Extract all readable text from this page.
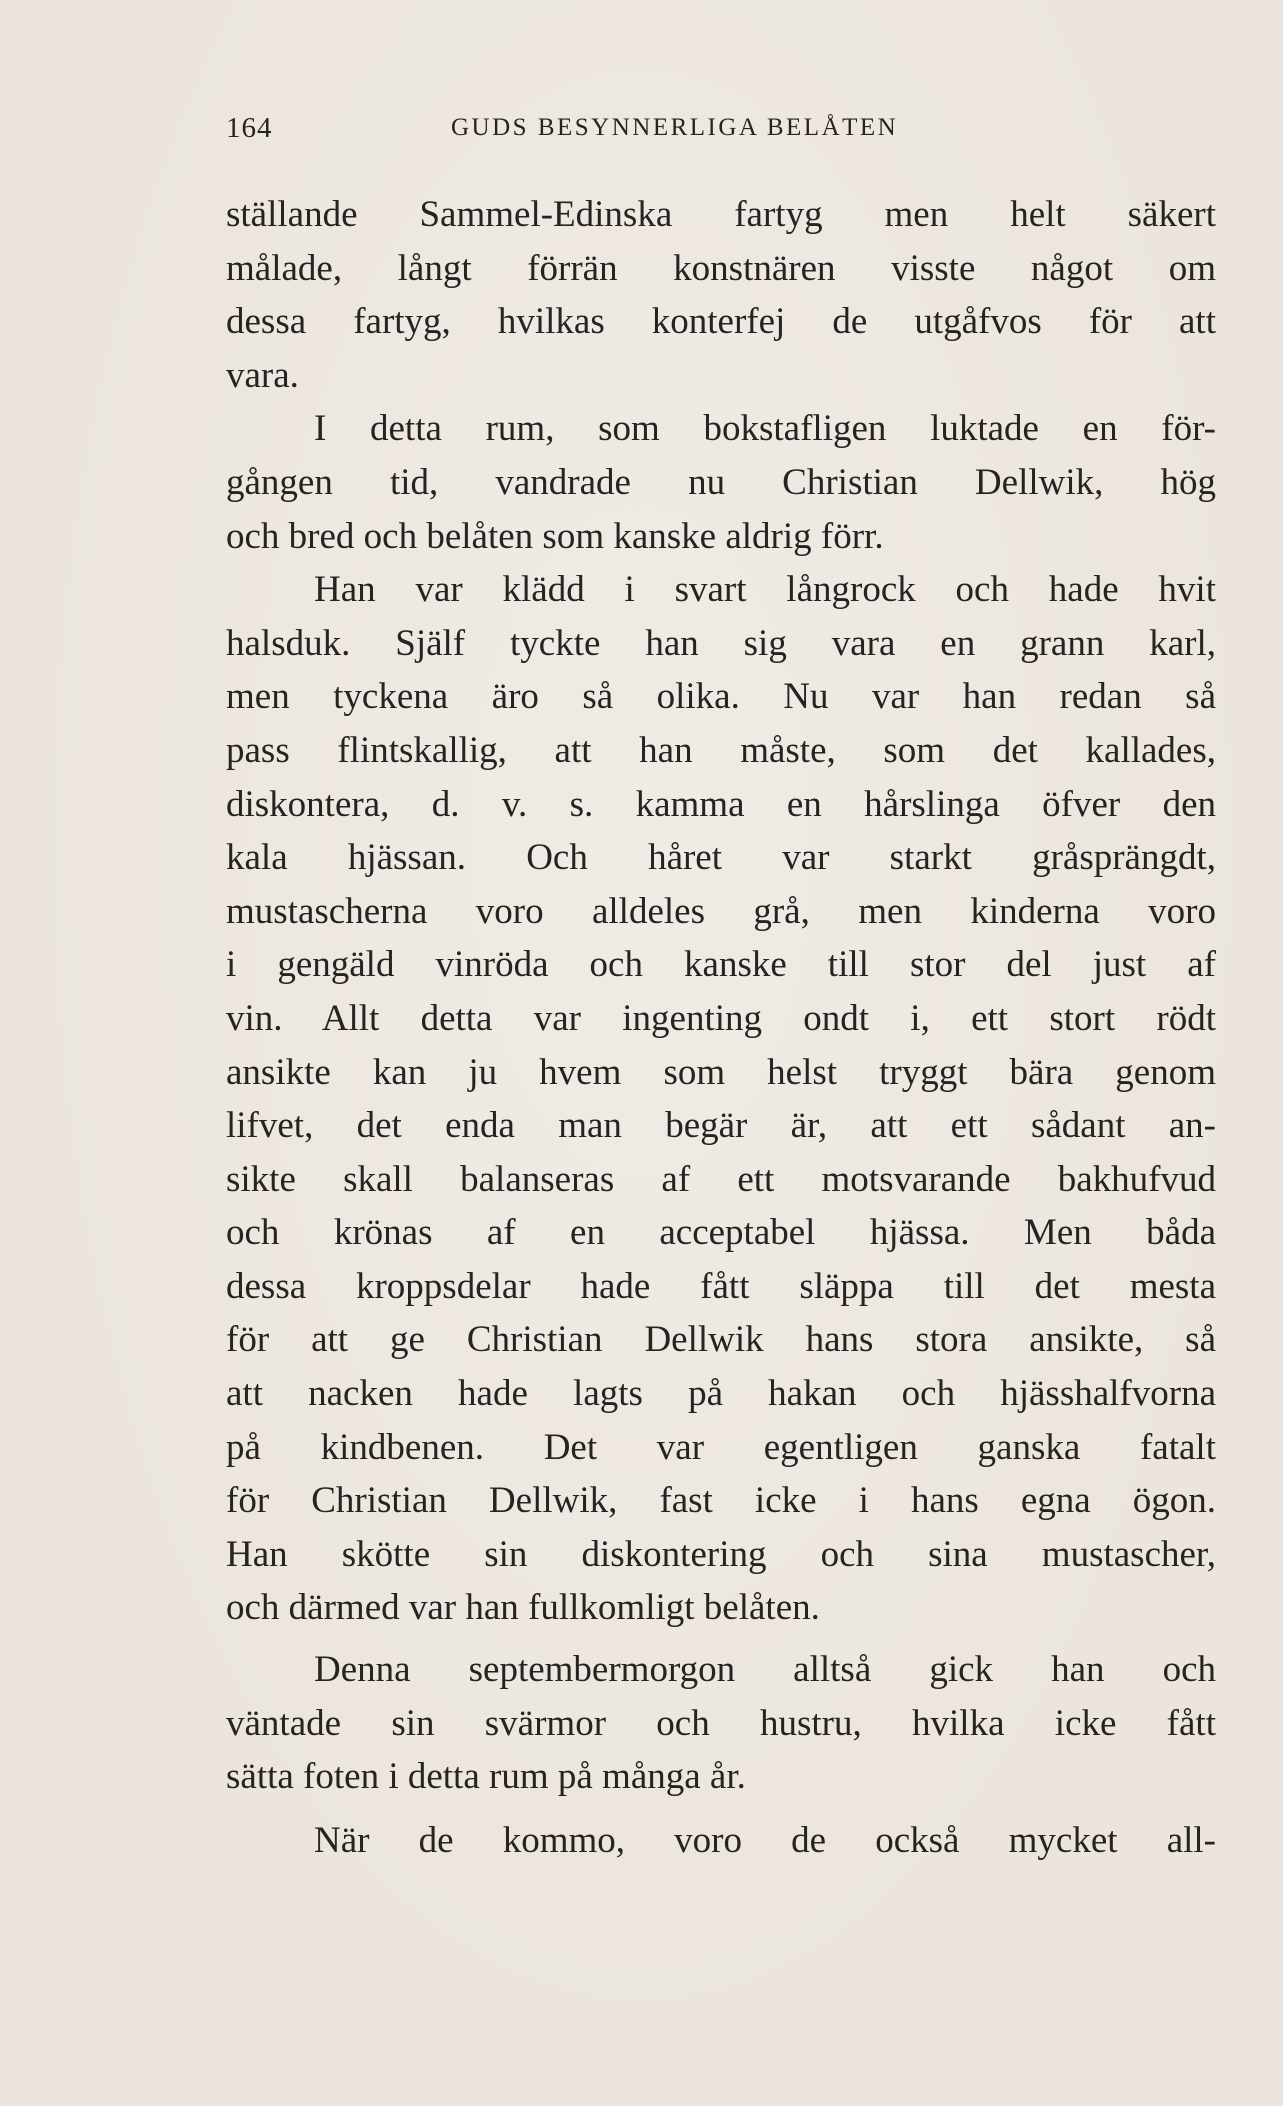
164	GUDS BESYNNERLIGA BELÅTEN
ställande Sammel-Edinska fartyg men helt säkert
målade, långt förrän konstnären visste något om
dessa fartyg, hvilkas konterfej de utgåfvos för att
vara.
I detta rum, som bokstafligen luktade en för-
gången tid, vandrade nu Christian Dellwik, hög
och bred och belåten som kanske aldrig förr.
Han var klädd i svart långrock och hade hvit
halsduk. Själf tyckte han sig vara en grann karl,
men tyckena äro så olika. Nu var han redan så
pass flintskallig, att han måste, som det kallades,
diskontera, d. v. s. kamma en hårslinga öfver den
kala hjässan. Och håret var starkt gråsprängdt,
mustascherna voro alldeles grå, men kinderna voro
i gengäld vinröda och kanske till stor del just af
vin. Allt detta var ingenting ondt i, ett stort rödt
ansikte kan ju hvem som helst tryggt bära genom
lifvet, det enda man begär är, att ett sådant an-
sikte skall balanseras af ett motsvarande bakhufvud
och krönas af en acceptabel hjässa. Men båda
dessa kroppsdelar hade fått släppa till det mesta
för att ge Christian Dellwik hans stora ansikte, så
att nacken hade lagts på hakan och hjässhalfvorna
på kindbenen. Det var egentligen ganska fatalt
för Christian Dellwik, fast icke i hans egna ögon.
Han skötte sin diskontering och sina mustascher,
och därmed var han fullkomligt belåten.
Denna septembermorgon alltså gick han och
väntade sin svärmor och hustru, hvilka icke fått
sätta foten i detta rum på många år.
När de kommo, voro de också mycket all-
